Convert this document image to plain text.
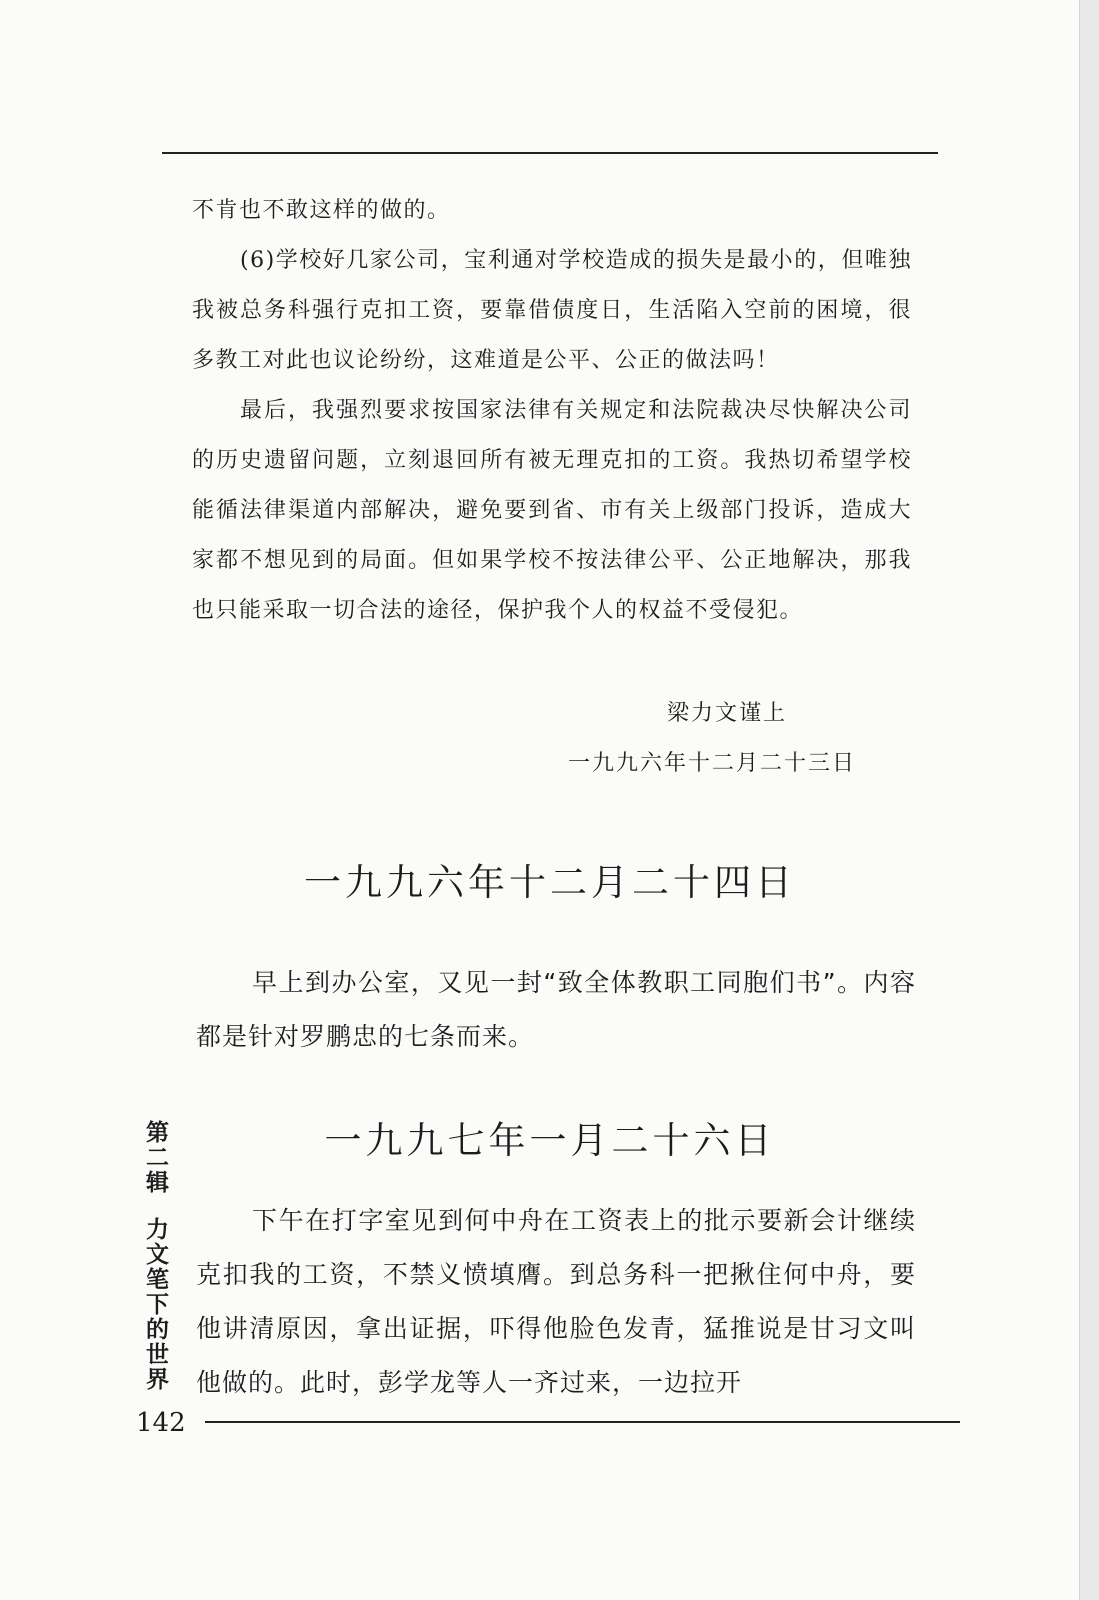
不肯也不敢这样的做的。

(6)学校好几家公司，宝利通对学校造成的损失是最小的，但唯独我被总务科强行克扣工资，要靠借债度日，生活陷入空前的困境，很多教工对此也议论纷纷，这难道是公平、公正的做法吗！

最后，我强烈要求按国家法律有关规定和法院裁决尽快解决公司的历史遗留问题，立刻退回所有被无理克扣的工资。我热切希望学校能循法律渠道内部解决，避免要到省、市有关上级部门投诉，造成大家都不想见到的局面。但如果学校不按法律公平、公正地解决，那我也只能采取一切合法的途径，保护我个人的权益不受侵犯。

梁力文谨上

一九九六年十二月二十三日

一九九六年十二月二十四日

早上到办公室，又见一封“致全体教职工同胞们书”。内容都是针对罗鹏忠的七条而来。

一九九七年一月二十六日

下午在打字室见到何中舟在工资表上的批示要新会计继续克扣我的工资，不禁义愤填膺。到总务科一把揪住何中舟，要他讲清原因，拿出证据，吓得他脸色发青，猛推说是甘习文叫他做的。此时，彭学龙等人一齐过来，一边拉开

第二辑力文笔下的世界
142
